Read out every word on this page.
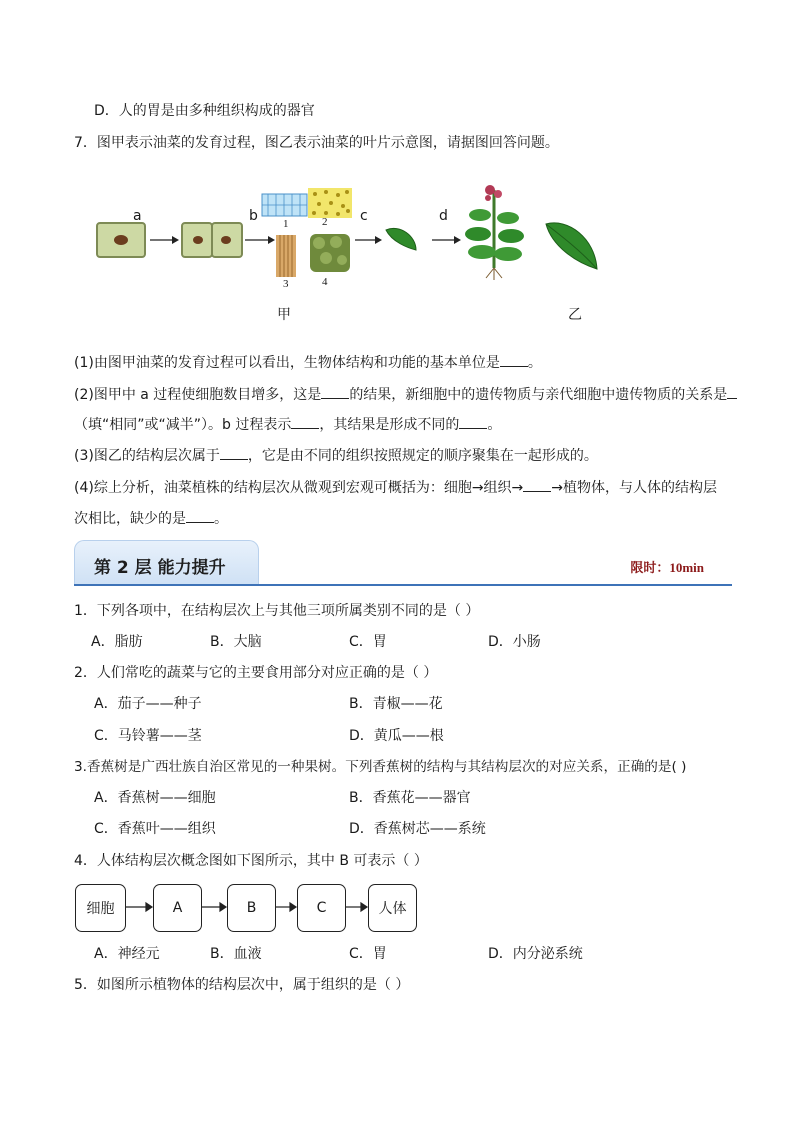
D．人的胃是由多种组织构成的器官
7．图甲表示油菜的发育过程，图乙表示油菜的叶片示意图，请据图回答问题。
a	b	c	d
1	2
3	4
甲	乙
(1)由图甲油菜的发育过程可以看出，生物体结构和功能的基本单位是 。
(2)图甲中 a 过程使细胞数目增多，这是 的结果，新细胞中的遗传物质与亲代细胞中遗传物质的关系是
（填“相同”或“减半”）。b 过程表示 ，其结果是形成不同的 。
(3)图乙的结构层次属于 ，它是由不同的组织按照规定的顺序聚集在一起形成的。
(4)综上分析，油菜植株的结构层次从微观到宏观可概括为：细胞→组织→ →植物体，与人体的结构层
次相比，缺少的是 。
第 2 层 能力提升	限时：10min
1．下列各项中，在结构层次上与其他三项所属类别不同的是（ ）
A．脂肪	B．大脑	C．胃	D．小肠
2．人们常吃的蔬菜与它的主要食用部分对应正确的是（ ）
A．茄子——种子	B．青椒——花
C．马铃薯——茎	D．黄瓜——根
3.香蕉树是广西壮族自治区常见的一种果树。下列香蕉树的结构与其结构层次的对应关系，正确的是( )
A．香蕉树——细胞	B．香蕉花——器官
C．香蕉叶——组织	D．香蕉树芯——系统
4．人体结构层次概念图如下图所示，其中 B 可表示（ ）
细胞	A	B	C	人体
A．神经元	B．血液	C．胃	D．内分泌系统
5．如图所示植物体的结构层次中，属于组织的是（ ）
